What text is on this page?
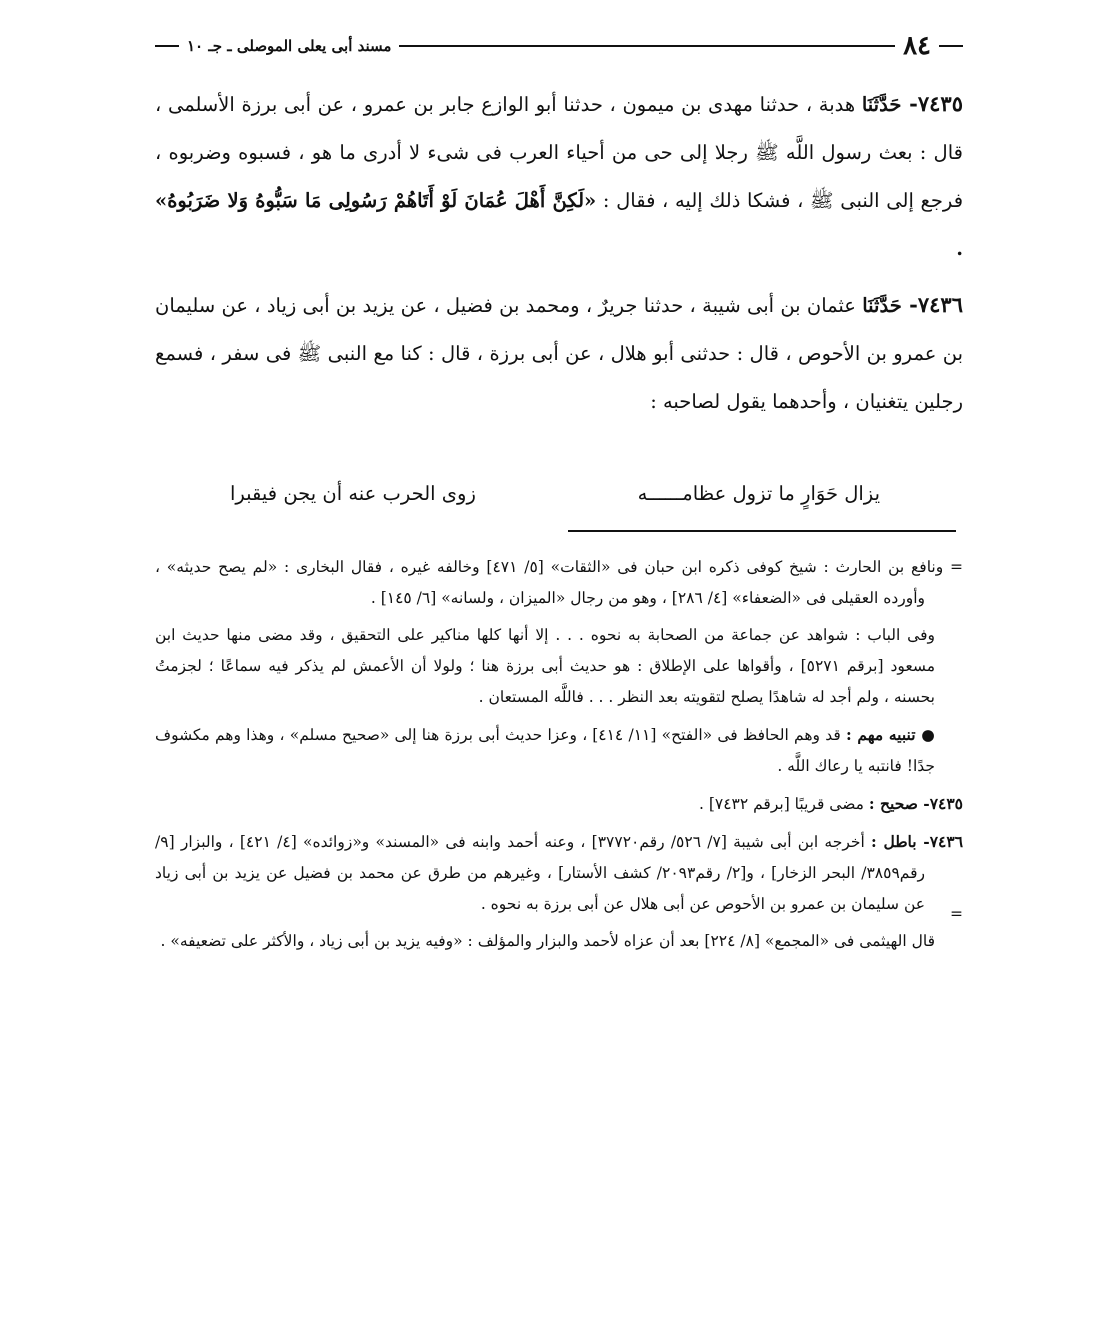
٨٤
مسند أبى يعلى الموصلى ـ جـ ١٠

٧٤٣٥- حَدَّثَنَا هدبة ، حدثنا مهدى بن ميمون ، حدثنا أبو الوازع جابر بن عمرو ، عن أبى برزة الأسلمى ، قال : بعث رسول اللَّه ﷺ رجلا إلى حى من أحياء العرب فى شىء لا أدرى ما هو ، فسبوه وضربوه ، فرجع إلى النبى ﷺ ، فشكا ذلك إليه ، فقال : «لَكِنَّ أَهْلَ عُمَانَ لَوْ أَتَاهُمْ رَسُولِى مَا سَبُّوهُ وَلا ضَرَبُوهُ» .

٧٤٣٦- حَدَّثَنَا عثمان بن أبى شيبة ، حدثنا جريرٌ ، ومحمد بن فضيل ، عن يزيد بن أبى زياد ، عن سليمان بن عمرو بن الأحوص ، قال : حدثنى أبو هلال ، عن أبى برزة ، قال : كنا مع النبى ﷺ فى سفر ، فسمع رجلين يتغنيان ، وأحدهما يقول لصاحبه :

يزال حَوَارٍ ما تزول عظامــــــه
زوى الحرب عنه أن يجن فيقبرا

= ونافع بن الحارث : شيخ كوفى ذكره ابن حبان فى «الثقات» [٥/ ٤٧١] وخالفه غيره ، فقال البخارى : «لم يصح حديثه» ، وأورده العقيلى فى «الضعفاء» [٤/ ٢٨٦] ، وهو من رجال «الميزان ، ولسانه» [٦/ ١٤٥] .

وفى الباب : شواهد عن جماعة من الصحابة به نحوه . . . إلا أنها كلها مناكير على التحقيق ، وقد مضى منها حديث ابن مسعود [برقم ٥٢٧١] ، وأقواها على الإطلاق : هو حديث أبى برزة هنا ؛ ولولا أن الأعمش لم يذكر فيه سماعًا ؛ لجزمتُ بحسنه ، ولم أجد له شاهدًا يصلح لتقويته بعد النظر . . . فاللَّه المستعان .

● تنبيه مهم : قد وهم الحافظ فى «الفتح» [١١/ ٤١٤] ، وعزا حديث أبى برزة هنا إلى «صحيح مسلم» ، وهذا وهم مكشوف جدًا! فانتبه يا رعاك اللَّه .

٧٤٣٥- صحيح : مضى قريبًا [برقم ٧٤٣٢] .

٧٤٣٦- باطل : أخرجه ابن أبى شيبة [٧/ ٥٢٦/ رقم٣٧٧٢٠] ، وعنه أحمد وابنه فى «المسند» و«زوائده» [٤/ ٤٢١] ، والبزار [٩/ رقم٣٨٥٩/ البحر الزخار] ، و[٢/ رقم٢٠٩٣/ كشف الأستار] ، وغيرهم من طرق عن محمد بن فضيل عن يزيد بن أبى زياد عن سليمان بن عمرو بن الأحوص عن أبى هلال عن أبى برزة به نحوه .

قال الهيثمى فى «المجمع» [٨/ ٢٢٤] بعد أن عزاه لأحمد والبزار والمؤلف : «وفيه يزيد بن أبى زياد ، والأكثر على تضعيفه» .

=
